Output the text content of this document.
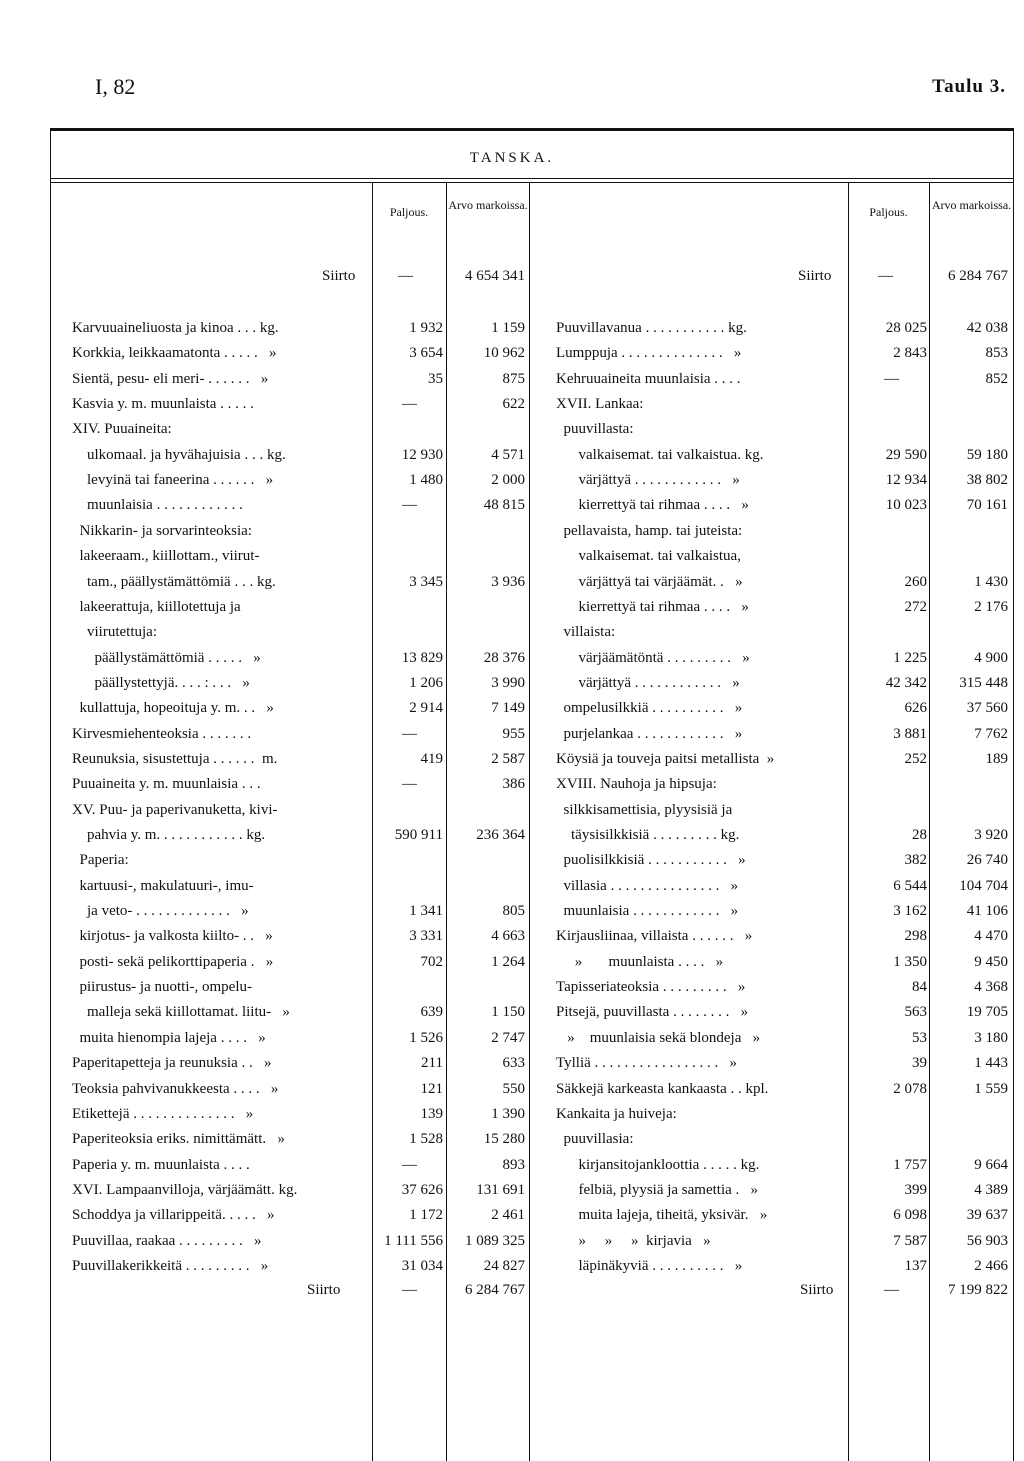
I, 82	Taulu 3.
TANSKA.
Paljous.	Arvo markoissa.	Paljous.	Arvo markoissa.
Siirto	—	4 654 341	Siirto	—	6 284 767
Karvuuaineliuosta ja kinoa . . . kg.	1 932	1 159
Korkkia, leikkaamatonta . . . . .   »	3 654	10 962
Sientä, pesu- eli meri- . . . . . .   »	35	875
Kasvia y. m. muunlaista . . . . .	—	622
XIV. Puuaineita:
ulkomaal. ja hyvähajuisia . . . kg.	12 930	4 571
levyinä tai faneerina . . . . . .   »	1 480	2 000
muunlaisia . . . . . . . . . . . .	—	48 815
Nikkarin- ja sorvarinteoksia:
lakeeraam., kiillottam., viirut-
tam., päällystämättömiä . . . kg.	3 345	3 936
lakeerattuja, kiillotettuja ja
viirutettuja:
päällystämättömiä . . . . .   »	13 829	28 376
päällystettyjä. . . . : . . .   »	1 206	3 990
kullattuja, hopeoituja y. m. . .   »	2 914	7 149
Kirvesmiehenteoksia . . . . . . .	—	955
Reunuksia, sisustettuja . . . . . .  m.	419	2 587
Puuaineita y. m. muunlaisia . . .	—	386
XV. Puu- ja paperivanuketta, kivi-
pahvia y. m. . . . . . . . . . . . kg.	590 911	236 364
Paperia:
kartuusi-, makulatuuri-, imu-
ja veto- . . . . . . . . . . . . .   »	1 341	805
kirjotus- ja valkosta kiilto- . .   »	3 331	4 663
posti- sekä pelikorttipaperia .   »	702	1 264
piirustus- ja nuotti-, ompelu-
malleja sekä kiillottamat. liitu-   »	639	1 150
muita hienompia lajeja . . . .   »	1 526	2 747
Paperitapetteja ja reunuksia . .   »	211	633
Teoksia pahvivanukkeesta . . . .   »	121	550
Etikettejä . . . . . . . . . . . . . .   »	139	1 390
Paperiteoksia eriks. nimittämätt.   »	1 528	15 280
Paperia y. m. muunlaista . . . .	—	893
XVI. Lampaanvilloja, värjäämätt. kg.	37 626	131 691
Schoddya ja villarippeitä. . . . .   »	1 172	2 461
Puuvillaa, raakaa . . . . . . . . .   »	1 111 556	1 089 325
Puuvillakerikkeitä . . . . . . . . .   »	31 034	24 827
Puuvillavanua . . . . . . . . . . . kg.	28 025	42 038
Lumppuja . . . . . . . . . . . . . .   »	2 843	853
Kehruuaineita muunlaisia . . . .	—	852
XVII. Lankaa:
puuvillasta:
valkaisemat. tai valkaistua. kg.	29 590	59 180
värjättyä . . . . . . . . . . . .   »	12 934	38 802
kierrettyä tai rihmaa . . . .   »	10 023	70 161
pellavaista, hamp. tai juteista:
valkaisemat. tai valkaistua,
värjättyä tai värjäämät. .   »	260	1 430
kierrettyä tai rihmaa . . . .   »	272	2 176
villaista:
värjäämätöntä . . . . . . . . .   »	1 225	4 900
värjättyä . . . . . . . . . . . .   »	42 342	315 448
ompelusilkkiä . . . . . . . . . .   »	626	37 560
purjelankaa . . . . . . . . . . . .   »	3 881	7 762
Köysiä ja touveja paitsi metallista  »	252	189
XVIII. Nauhoja ja hipsuja:
silkkisamettisia, plyysisiä ja
täysisilkkisiä . . . . . . . . . kg.	28	3 920
puolisilkkisiä . . . . . . . . . . .   »	382	26 740
villasia . . . . . . . . . . . . . . .   »	6 544	104 704
muunlaisia . . . . . . . . . . . .   »	3 162	41 106
Kirjausliinaa, villaista . . . . . .   »	298	4 470
»       muunlaista . . . .   »	1 350	9 450
Tapisseriateoksia . . . . . . . . .   »	84	4 368
Pitsejä, puuvillasta . . . . . . . .   »	563	19 705
»    muunlaisia sekä blondeja   »	53	3 180
Tylliä . . . . . . . . . . . . . . . . .   »	39	1 443
Säkkejä karkeasta kankaasta . . kpl.	2 078	1 559
Kankaita ja huiveja:
puuvillasia:
kirjansitojankloottia . . . . . kg.	1 757	9 664
felbiä, plyysiä ja samettia .   »	399	4 389
muita lajeja, tiheitä, yksivär.   »	6 098	39 637
»     »     »  kirjavia   »	7 587	56 903
läpinäkyviä . . . . . . . . . .   »	137	2 466
Siirto	—	6 284 767	Siirto	—	7 199 822
